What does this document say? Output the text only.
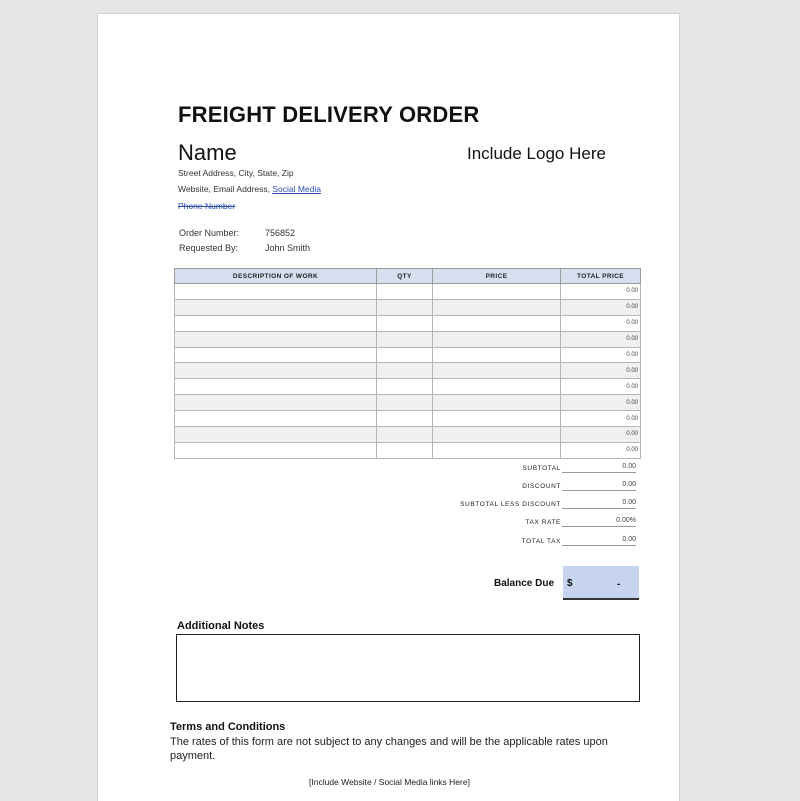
FREIGHT DELIVERY ORDER
Name	Include Logo Here
Street Address, City, State, Zip
Website, Email Address, Social Media
Phone Number
Order Number:	756852
Requested By:	John Smith
DESCRIPTION OF WORK	QTY	PRICE	TOTAL PRICE
			0.00
			0.00
			0.00
			0.00
			0.00
			0.00
			0.00
			0.00
			0.00
			0.00
			0.00
SUBTOTAL	0.00
DISCOUNT	0.00
SUBTOTAL LESS DISCOUNT	0.00
TAX RATE	0.00%
TOTAL TAX	0.00
Balance Due $	-
Additional Notes
Terms and Conditions
The rates of this form are not subject to any changes and will be the applicable rates upon payment.
[Include Website / Social Media links Here]
